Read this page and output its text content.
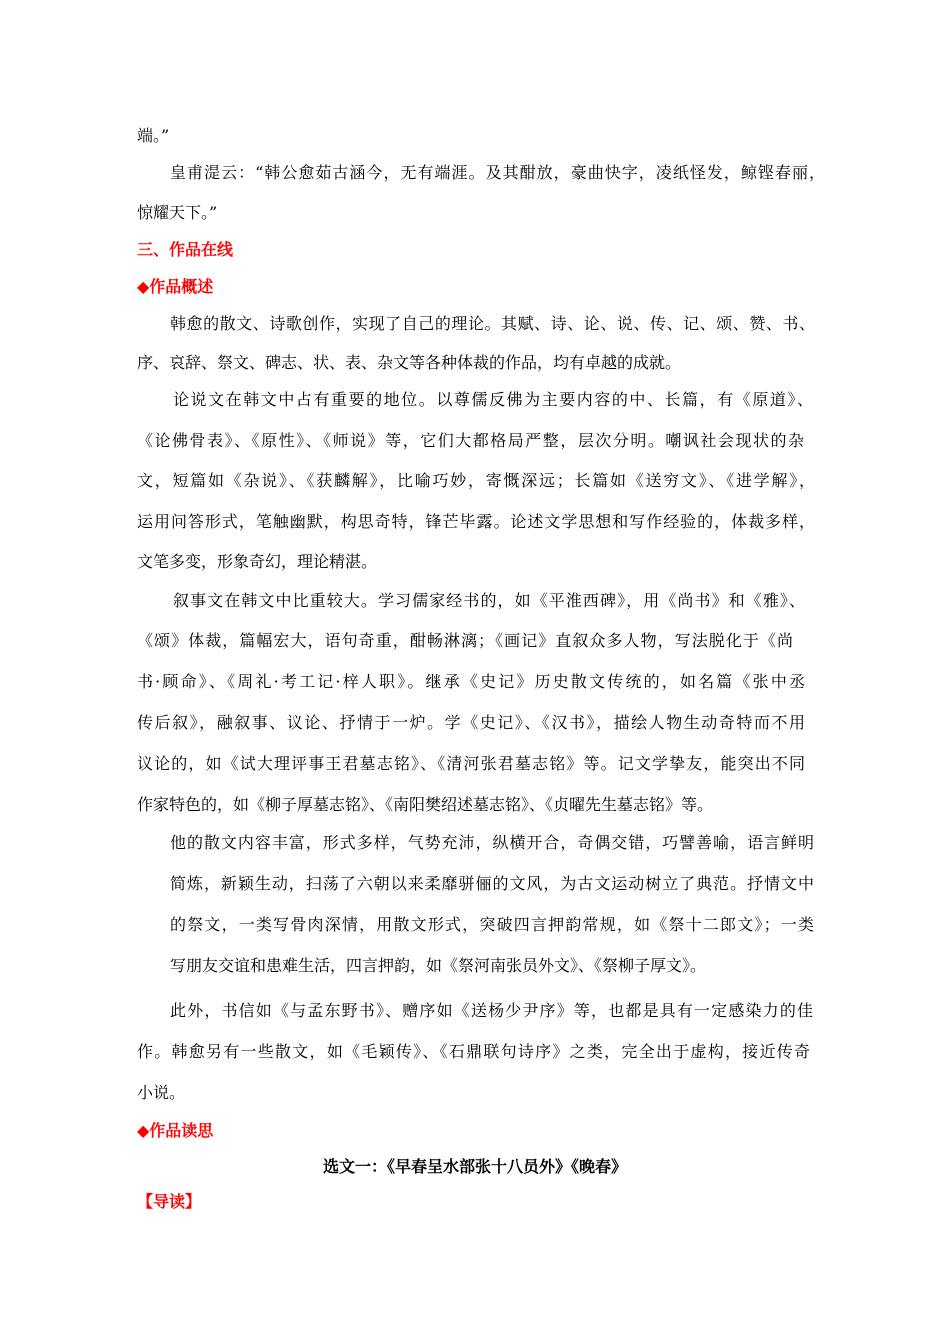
端。”
皇甫湜云：“韩公愈茹古涵今，无有端涯。及其酣放，豪曲快字，凌纸怪发，鲸铿春丽，
惊耀天下。”
三、作品在线
◆作品概述
韩愈的散文、诗歌创作，实现了自己的理论。其赋、诗、论、说、传、记、颂、赞、书、
序、哀辞、祭文、碑志、状、表、杂文等各种体裁的作品，均有卓越的成就。
论说文在韩文中占有重要的地位。以尊儒反佛为主要内容的中、长篇，有《原道》、
《论佛骨表》、《原性》、《师说》等，它们大都格局严整，层次分明。嘲讽社会现状的杂
文，短篇如《杂说》、《获麟解》，比喻巧妙，寄慨深远；长篇如《送穷文》、《进学解》，
运用问答形式，笔触幽默，构思奇特，锋芒毕露。论述文学思想和写作经验的，体裁多样，
文笔多变，形象奇幻，理论精湛。
叙事文在韩文中比重较大。学习儒家经书的，如《平淮西碑》，用《尚书》和《雅》、
《颂》体裁，篇幅宏大，语句奇重，酣畅淋漓；《画记》直叙众多人物，写法脱化于《尚
书·顾命》、《周礼·考工记·梓人职》。继承《史记》历史散文传统的，如名篇《张中丞
传后叙》，融叙事、议论、抒情于一炉。学《史记》、《汉书》，描绘人物生动奇特而不用
议论的，如《试大理评事王君墓志铭》、《清河张君墓志铭》等。记文学挚友，能突出不同
作家特色的，如《柳子厚墓志铭》、《南阳樊绍述墓志铭》、《贞曜先生墓志铭》等。
他的散文内容丰富，形式多样，气势充沛，纵横开合，奇偶交错，巧譬善喻，语言鲜明
简炼，新颖生动，扫荡了六朝以来柔靡骈俪的文风，为古文运动树立了典范。抒情文中
的祭文，一类写骨肉深情，用散文形式，突破四言押韵常规，如《祭十二郎文》；一类
写朋友交谊和患难生活，四言押韵，如《祭河南张员外文》、《祭柳子厚文》。
此外，书信如《与孟东野书》、赠序如《送杨少尹序》等，也都是具有一定感染力的佳
作。韩愈另有一些散文，如《毛颖传》、《石鼎联句诗序》之类，完全出于虚构，接近传奇
小说。
◆作品读思
选文一：《早春呈水部张十八员外》《晚春》
【导读】
